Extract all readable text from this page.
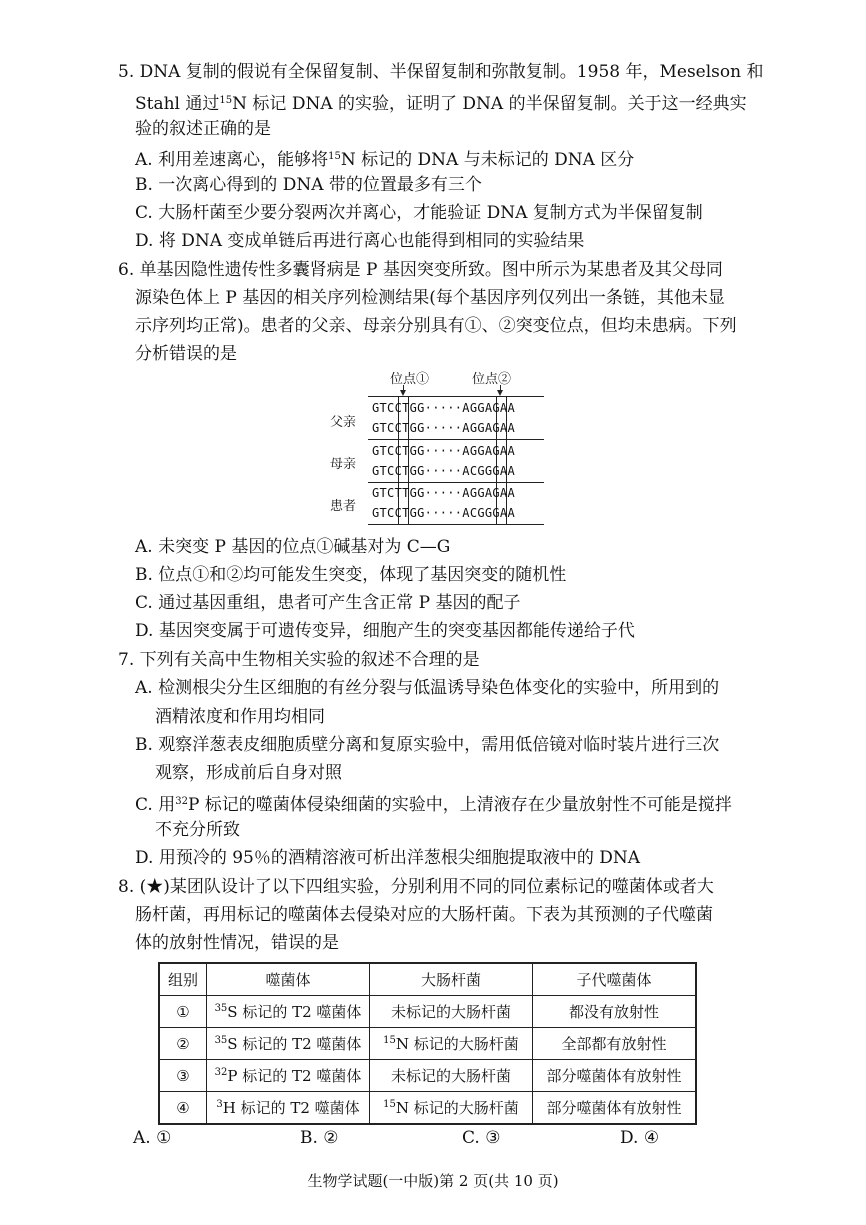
5. DNA 复制的假说有全保留复制、半保留复制和弥散复制。1958 年，Meselson 和
Stahl 通过$^{15}$N 标记 DNA 的实验，证明了 DNA 的半保留复制。关于这一经典实
验的叙述正确的是
A. 利用差速离心，能够将$^{15}$N 标记的 DNA 与未标记的 DNA 区分
B. 一次离心得到的 DNA 带的位置最多有三个
C. 大肠杆菌至少要分裂两次并离心，才能验证 DNA 复制方式为半保留复制
D. 将 DNA 变成单链后再进行离心也能得到相同的实验结果
6. 单基因隐性遗传性多囊肾病是 P 基因突变所致。图中所示为某患者及其父母同
源染色体上 P 基因的相关序列检测结果(每个基因序列仅列出一条链，其他未显
示序列均正常)。患者的父亲、母亲分别具有①、②突变位点，但均未患病。下列
分析错误的是
位点①	位点②
父亲
母亲
患者
GTCCTGG·····AGGAGAA
GTCCTGG·····AGGAGAA
GTCCTGG·····AGGAGAA
GTCCTGG·····ACGGGAA
GTCTTGG·····AGGAGAA
GTCCTGG·····ACGGGAA
A. 未突变 P 基因的位点①碱基对为 C—G
B. 位点①和②均可能发生突变，体现了基因突变的随机性
C. 通过基因重组，患者可产生含正常 P 基因的配子
D. 基因突变属于可遗传变异，细胞产生的突变基因都能传递给子代
7. 下列有关高中生物相关实验的叙述不合理的是
A. 检测根尖分生区细胞的有丝分裂与低温诱导染色体变化的实验中，所用到的
酒精浓度和作用均相同
B. 观察洋葱表皮细胞质壁分离和复原实验中，需用低倍镜对临时装片进行三次
观察，形成前后自身对照
C. 用$^{32}$P 标记的噬菌体侵染细菌的实验中，上清液存在少量放射性不可能是搅拌
不充分所致
D. 用预冷的 95％的酒精溶液可析出洋葱根尖细胞提取液中的 DNA
8. (★)某团队设计了以下四组实验，分别利用不同的同位素标记的噬菌体或者大
肠杆菌，再用标记的噬菌体去侵染对应的大肠杆菌。下表为其预测的子代噬菌
体的放射性情况，错误的是
组别	噬菌体	大肠杆菌	子代噬菌体
①	$^{35}$S 标记的 T2 噬菌体	未标记的大肠杆菌	都没有放射性
②	$^{35}$S 标记的 T2 噬菌体	$^{15}$N 标记的大肠杆菌	全部都有放射性
③	$^{32}$P 标记的 T2 噬菌体	未标记的大肠杆菌	部分噬菌体有放射性
④	$^3$H 标记的 T2 噬菌体	$^{15}$N 标记的大肠杆菌	部分噬菌体有放射性
A. ①	B. ②	C. ③	D. ④
生物学试题(一中版)第 2 页(共 10 页)
